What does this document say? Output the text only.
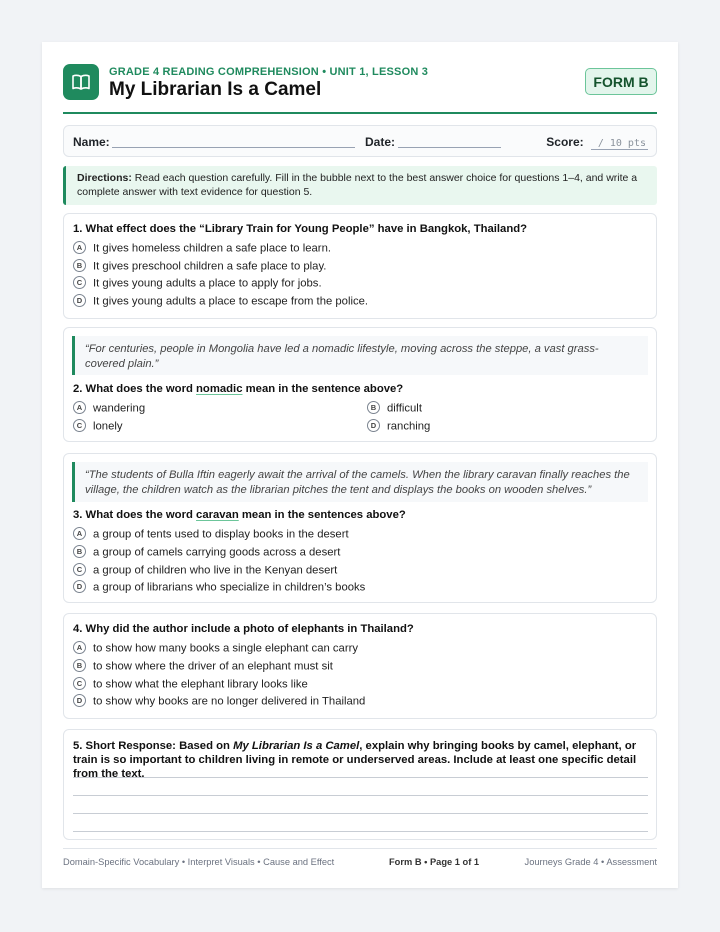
GRADE 4 READING COMPREHENSION • UNIT 1, LESSON 3
My Librarian Is a Camel	FORM B
Name:	Date:	Score: / 10 pts
Directions: Read each question carefully. Fill in the bubble next to the best answer choice for questions 1–4, and write a complete answer with text evidence for question 5.
1. What effect does the “Library Train for Young People” have in Bangkok, Thailand?
A It gives homeless children a safe place to learn.
B It gives preschool children a safe place to play.
C It gives young adults a place to apply for jobs.
D It gives young adults a place to escape from the police.
“For centuries, people in Mongolia have led a nomadic lifestyle, moving across the steppe, a vast grass-covered plain.”
2. What does the word nomadic mean in the sentence above?
A wandering	B difficult
C lonely	D ranching
“The students of Bulla Iftin eagerly await the arrival of the camels. When the library caravan finally reaches the village, the children watch as the librarian pitches the tent and displays the books on wooden shelves.”
3. What does the word caravan mean in the sentences above?
A a group of tents used to display books in the desert
B a group of camels carrying goods across a desert
C a group of children who live in the Kenyan desert
D a group of librarians who specialize in children’s books
4. Why did the author include a photo of elephants in Thailand?
A to show how many books a single elephant can carry
B to show where the driver of an elephant must sit
C to show what the elephant library looks like
D to show why books are no longer delivered in Thailand
5. Short Response: Based on My Librarian Is a Camel, explain why bringing books by camel, elephant, or train is so important to children living in remote or underserved areas. Include at least one specific detail from the text.
Domain-Specific Vocabulary • Interpret Visuals • Cause and Effect	Form B • Page 1 of 1	Journeys Grade 4 • Assessment
